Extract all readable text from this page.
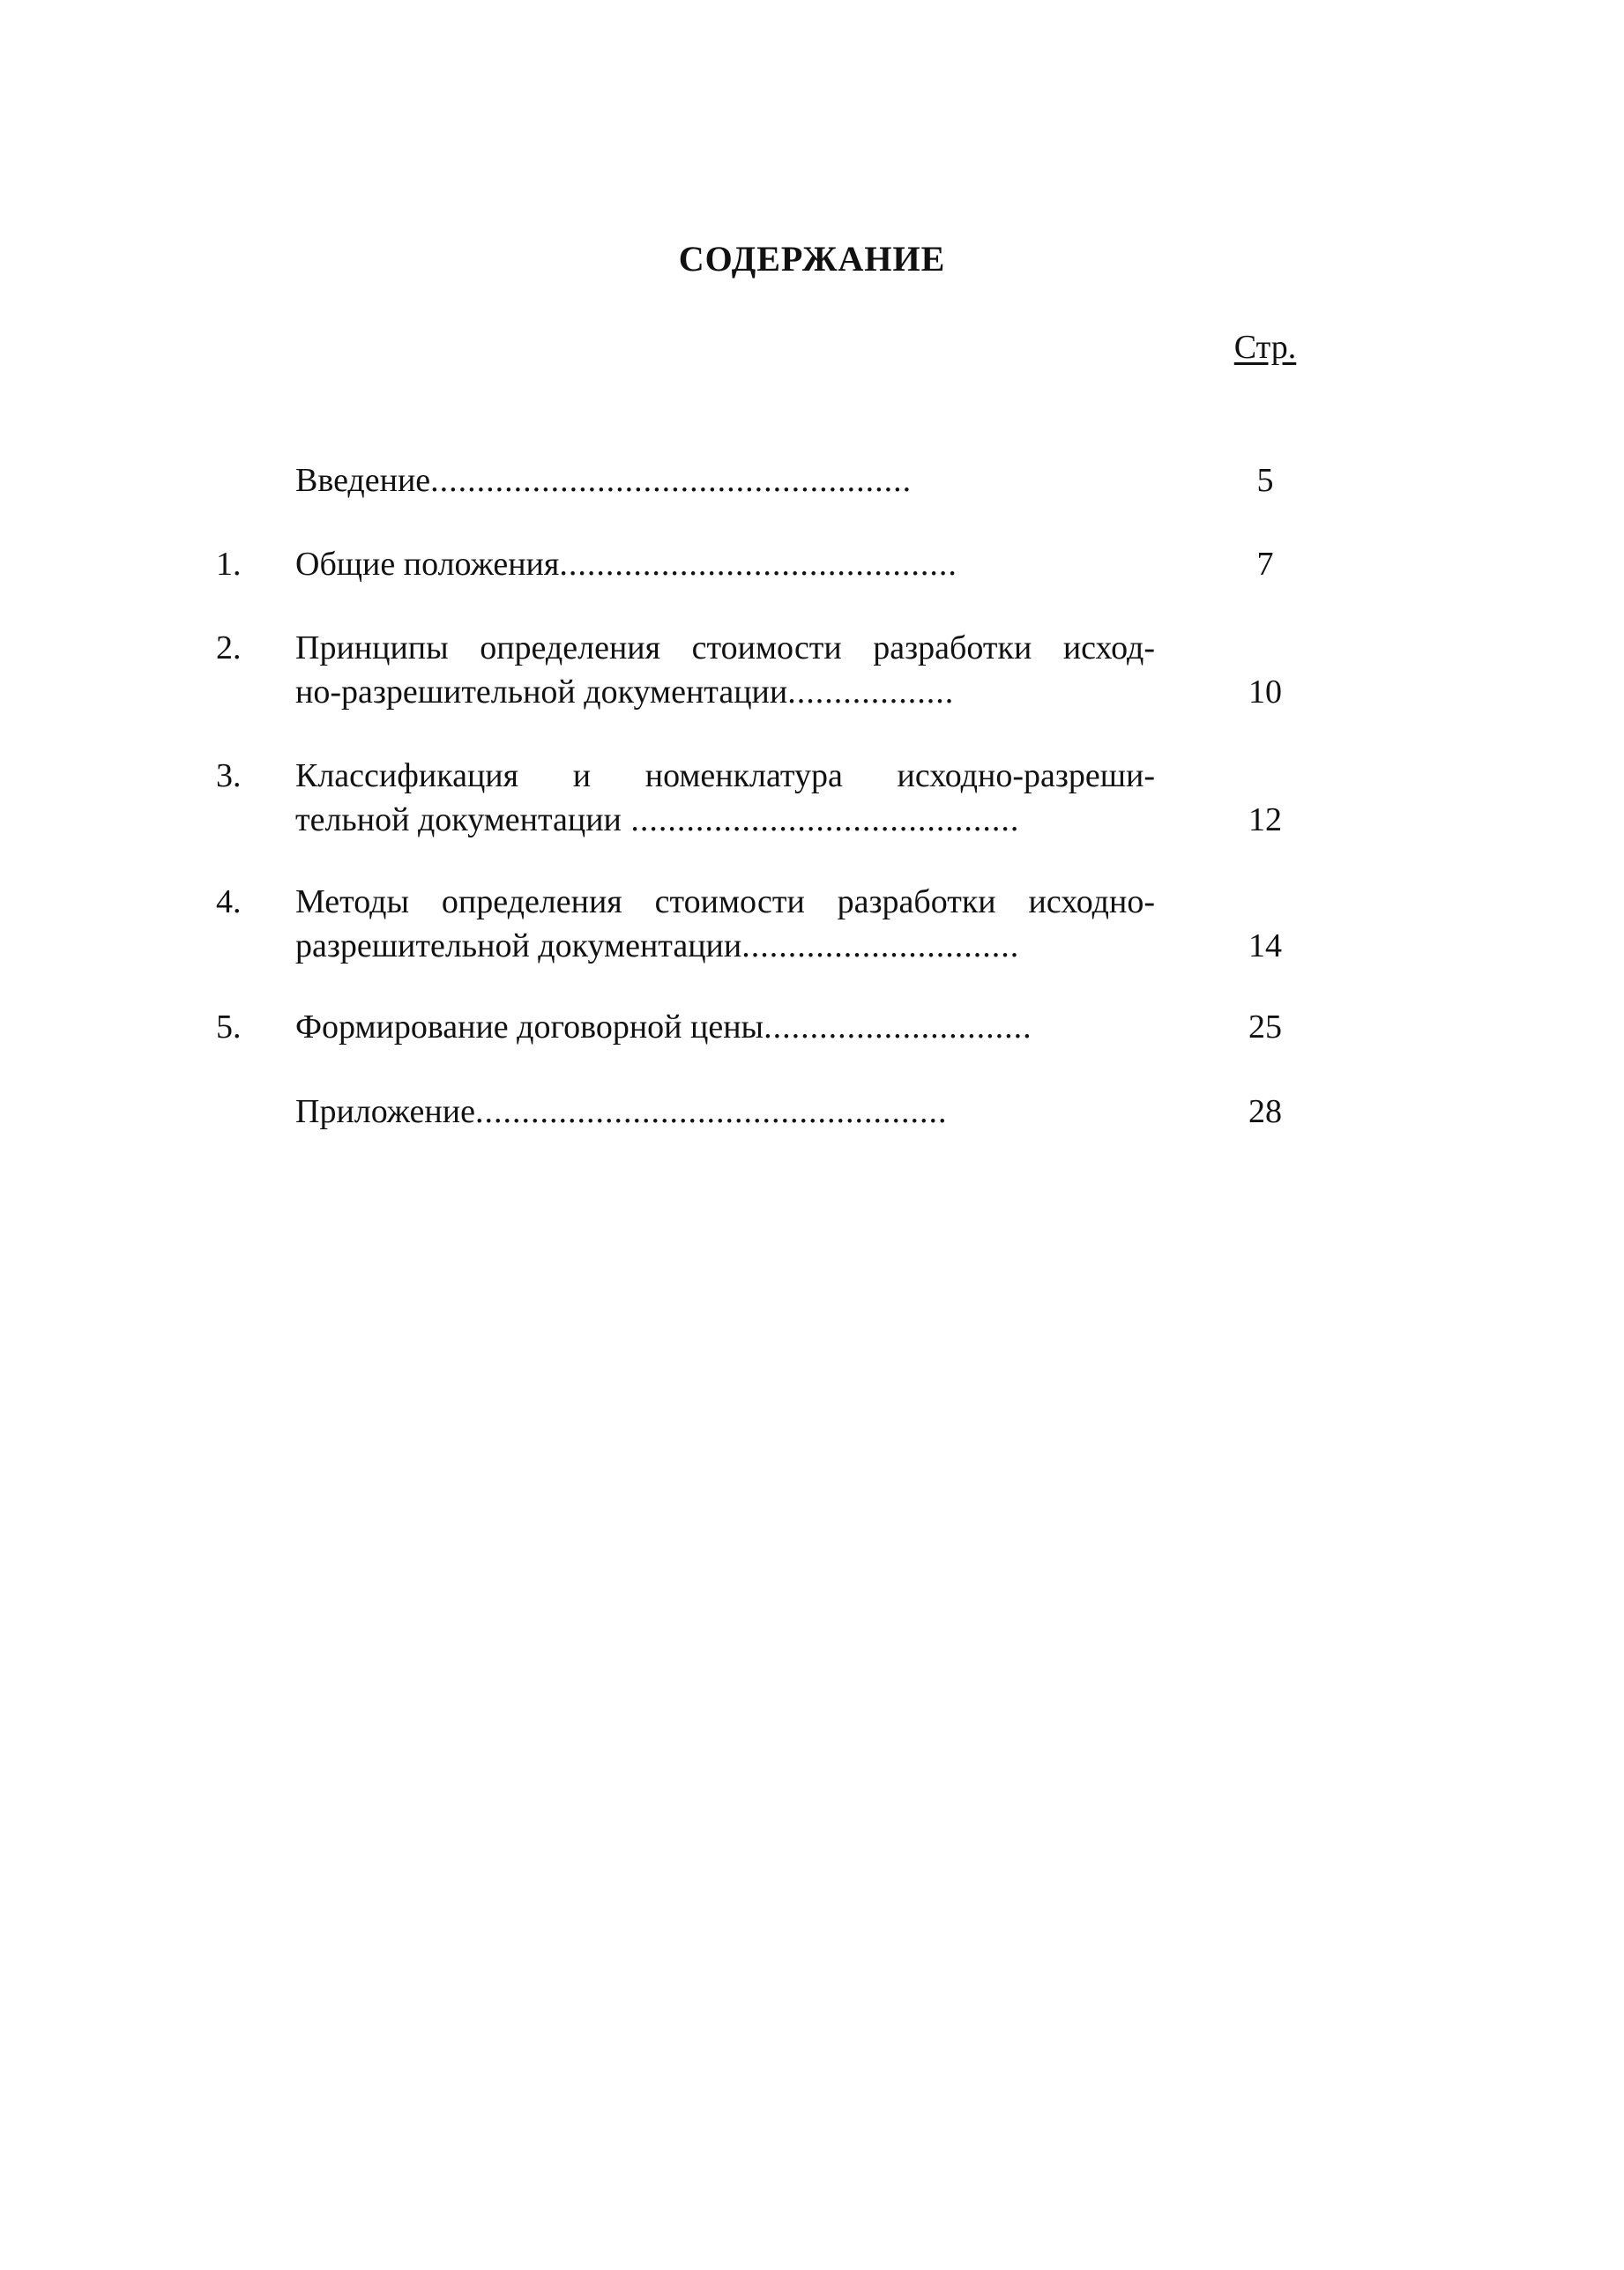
СОДЕРЖАНИЕ
Стр.
Введение....................................................	5
1. Общие положения...........................................	7
2. Принципы определения стоимости разработки исход-
но-разрешительной документации..................	10
3. Классификация и номенклатура исходно-разреши-
тельной документации ..........................................	12
4. Методы определения стоимости разработки исходно-
разрешительной документации..............................	14
5. Формирование договорной цены.............................	25
Приложение...................................................	28
